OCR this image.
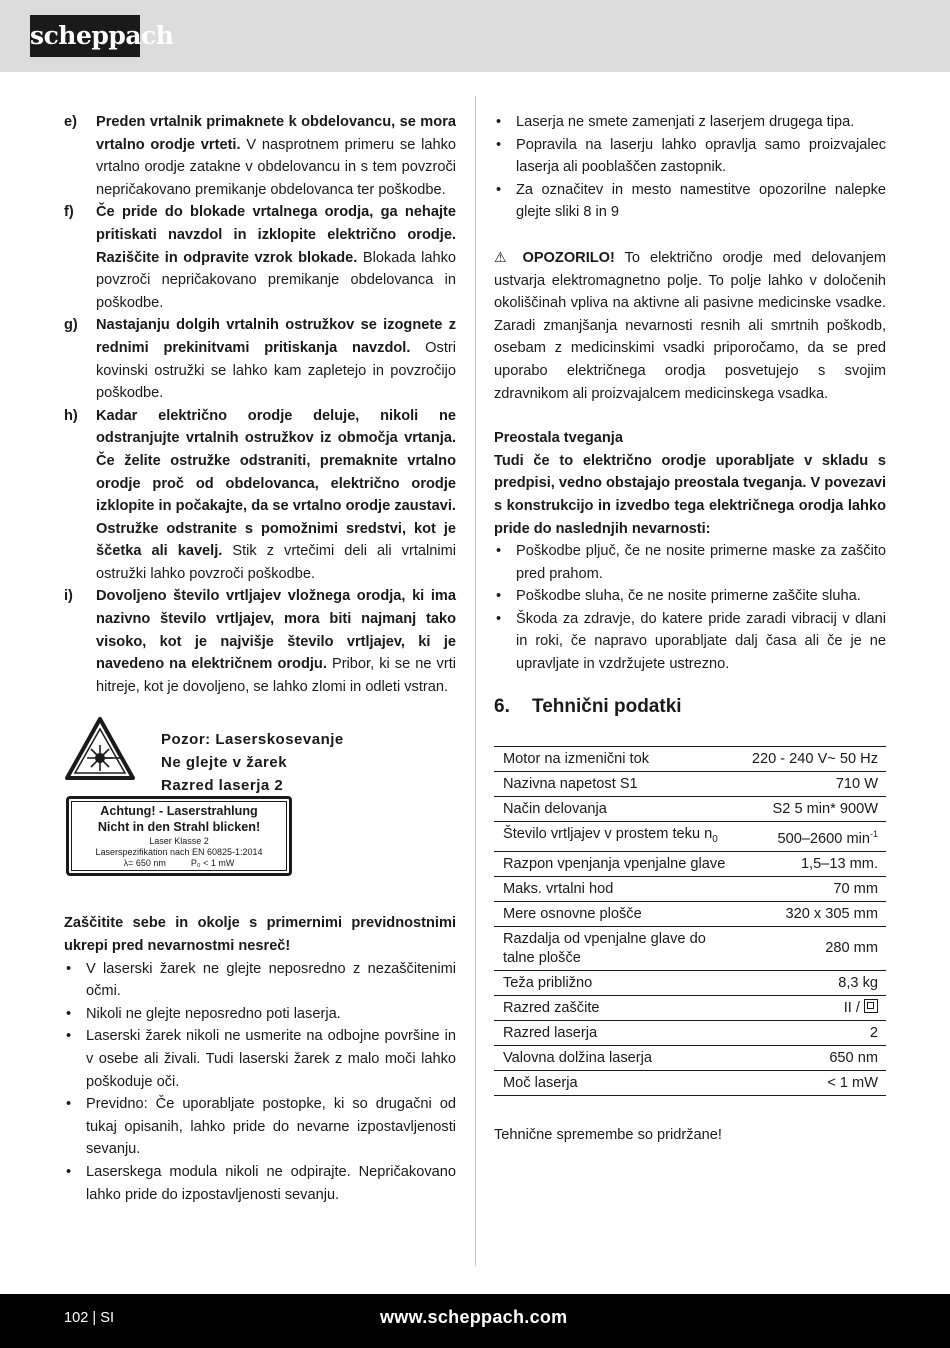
scheppach
e)	Preden vrtalnik primaknete k obdelovancu, se mora vrtalno orodje vrteti. V nasprotnem primeru se lahko vrtalno orodje zatakne v obdelovancu in s tem povzroči nepričakovano premikanje obdelovanca ter poškodbe.
f)	Če pride do blokade vrtalnega orodja, ga nehajte pritiskati navzdol in izklopite električno orodje. Raziščite in odpravite vzrok blokade. Blokada lahko povzroči nepričakovano premikanje obdelovanca in poškodbe.
g)	Nastajanju dolgih vrtalnih ostružkov se izognete z rednimi prekinitvami pritiskanja navzdol. Ostri kovinski ostružki se lahko kam zapletejo in povzročijo poškodbe.
h)	Kadar električno orodje deluje, nikoli ne odstranjujte vrtalnih ostružkov iz območja vrtanja. Če želite ostružke odstraniti, premaknite vrtalno orodje proč od obdelovanca, električno orodje izklopite in počakajte, da se vrtalno orodje zaustavi. Ostružke odstranite s pomožnimi sredstvi, kot je ščetka ali kavelj. Stik z vrtečimi deli ali vrtalnimi ostružki lahko povzroči poškodbe.
i)	Dovoljeno število vrtljajev vložnega orodja, ki ima nazivno število vrtljajev, mora biti najmanj tako visoko, kot je najvišje število vrtljajev, ki je navedeno na električnem orodju. Pribor, ki se ne vrti hitreje, kot je dovoljeno, se lahko zlomi in odleti vstran.
Pozor: Laserskosevanje
Ne glejte v žarek
Razred laserja 2
Achtung! - Laserstrahlung
Nicht in den Strahl blicken!
Laser Klasse 2
Laserspezifikation nach EN 60825-1:2014
λ= 650 nm          P₀ < 1 mW
Zaščitite sebe in okolje s primernimi previdnostnimi ukrepi pred nevarnostmi nesreč!
•	V laserski žarek ne glejte neposredno z nezaščitenimi očmi.
•	Nikoli ne glejte neposredno poti laserja.
•	Laserski žarek nikoli ne usmerite na odbojne površine in v osebe ali živali. Tudi laserski žarek z malo moči lahko poškoduje oči.
•	Previdno: Če uporabljate postopke, ki so drugačni od tukaj opisanih, lahko pride do nevarne izpostavljenosti sevanju.
•	Laserskega modula nikoli ne odpirajte. Nepričakovano lahko pride do izpostavljenosti sevanju.
•	Laserja ne smete zamenjati z laserjem drugega tipa.
•	Popravila na laserju lahko opravlja samo proizvajalec laserja ali pooblaščen zastopnik.
•	Za označitev in mesto namestitve opozorilne nalepke glejte sliki 8 in 9

⚠ OPOZORILO! To električno orodje med delovanjem ustvarja elektromagnetno polje. To polje lahko v določenih okoliščinah vpliva na aktivne ali pasivne medicinske vsadke. Zaradi zmanjšanja nevarnosti resnih ali smrtnih poškodb, osebam z medicinskimi vsadki priporočamo, da se pred uporabo električnega orodja posvetujejo s svojim zdravnikom ali proizvajalcem medicinskega vsadka.

Preostala tveganja

Tudi če to električno orodje uporabljate v skladu s predpisi, vedno obstajajo preostala tveganja. V povezavi s konstrukcijo in izvedbo tega električnega orodja lahko pride do naslednjih nevarnosti:

•	Poškodbe pljuč, če ne nosite primerne maske za zaščito pred prahom.
•	Poškodbe sluha, če ne nosite primerne zaščite sluha.
•	Škoda za zdravje, do katere pride zaradi vibracij v dlani in roki, če napravo uporabljate dalj časa ali če je ne upravljate in vzdržujete ustrezno.
6.	Tehnični podatki
Motor na izmenični tok	220 - 240 V~ 50 Hz
Nazivna napetost S1	710 W
Način delovanja	S2 5 min* 900W
Število vrtljajev v prostem teku $n_0$	500–2600 $\min^{-1}$
Razpon vpenjanja vpenjalne glave	1,5–13 mm.
Maks. vrtalni hod	70 mm
Mere osnovne plošče	320 x 305 mm
Razdalja od vpenjalne glave do talne plošče	280 mm
Teža približno	8,3 kg
Razred zaščite	II /

Razred laserja	2
Valovna dolžina laserja	650 nm
Moč laserja	< 1 mW

Tehnične spremembe so pridržane!

102 | SI	www.scheppach.com
